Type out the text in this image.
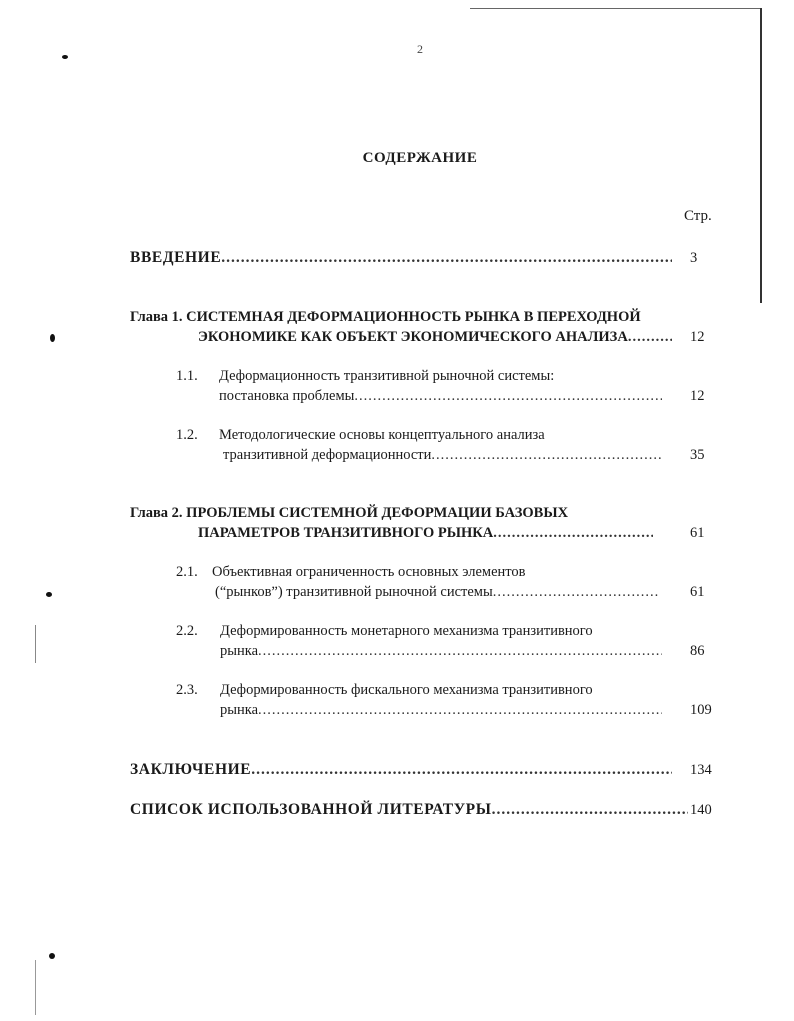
2
СОДЕРЖАНИЕ
Стр.
ВВЕДЕНИЕ .....	3
Глава 1. СИСТЕМНАЯ ДЕФОРМАЦИОННОСТЬ РЫНКА В ПЕРЕХОДНОЙ
ЭКОНОМИКЕ КАК ОБЪЕКТ ЭКОНОМИЧЕСКОГО АНАЛИЗА .....	12
1.1. Деформационность транзитивной рыночной системы:
постановка проблемы .....	12
1.2. Методологические основы концептуального анализа
транзитивной деформационности .....	35
Глава 2. ПРОБЛЕМЫ СИСТЕМНОЙ ДЕФОРМАЦИИ БАЗОВЫХ
ПАРАМЕТРОВ ТРАНЗИТИВНОГО РЫНКА .....	61
2.1. Объективная ограниченность основных элементов
(“рынков”) транзитивной рыночной системы .....	61
2.2. Деформированность монетарного механизма транзитивного
рынка .....	86
2.3. Деформированность фискального механизма транзитивного
рынка .....	109
ЗАКЛЮЧЕНИЕ .....	134
СПИСОК ИСПОЛЬЗОВАННОЙ ЛИТЕРАТУРЫ .....	140
